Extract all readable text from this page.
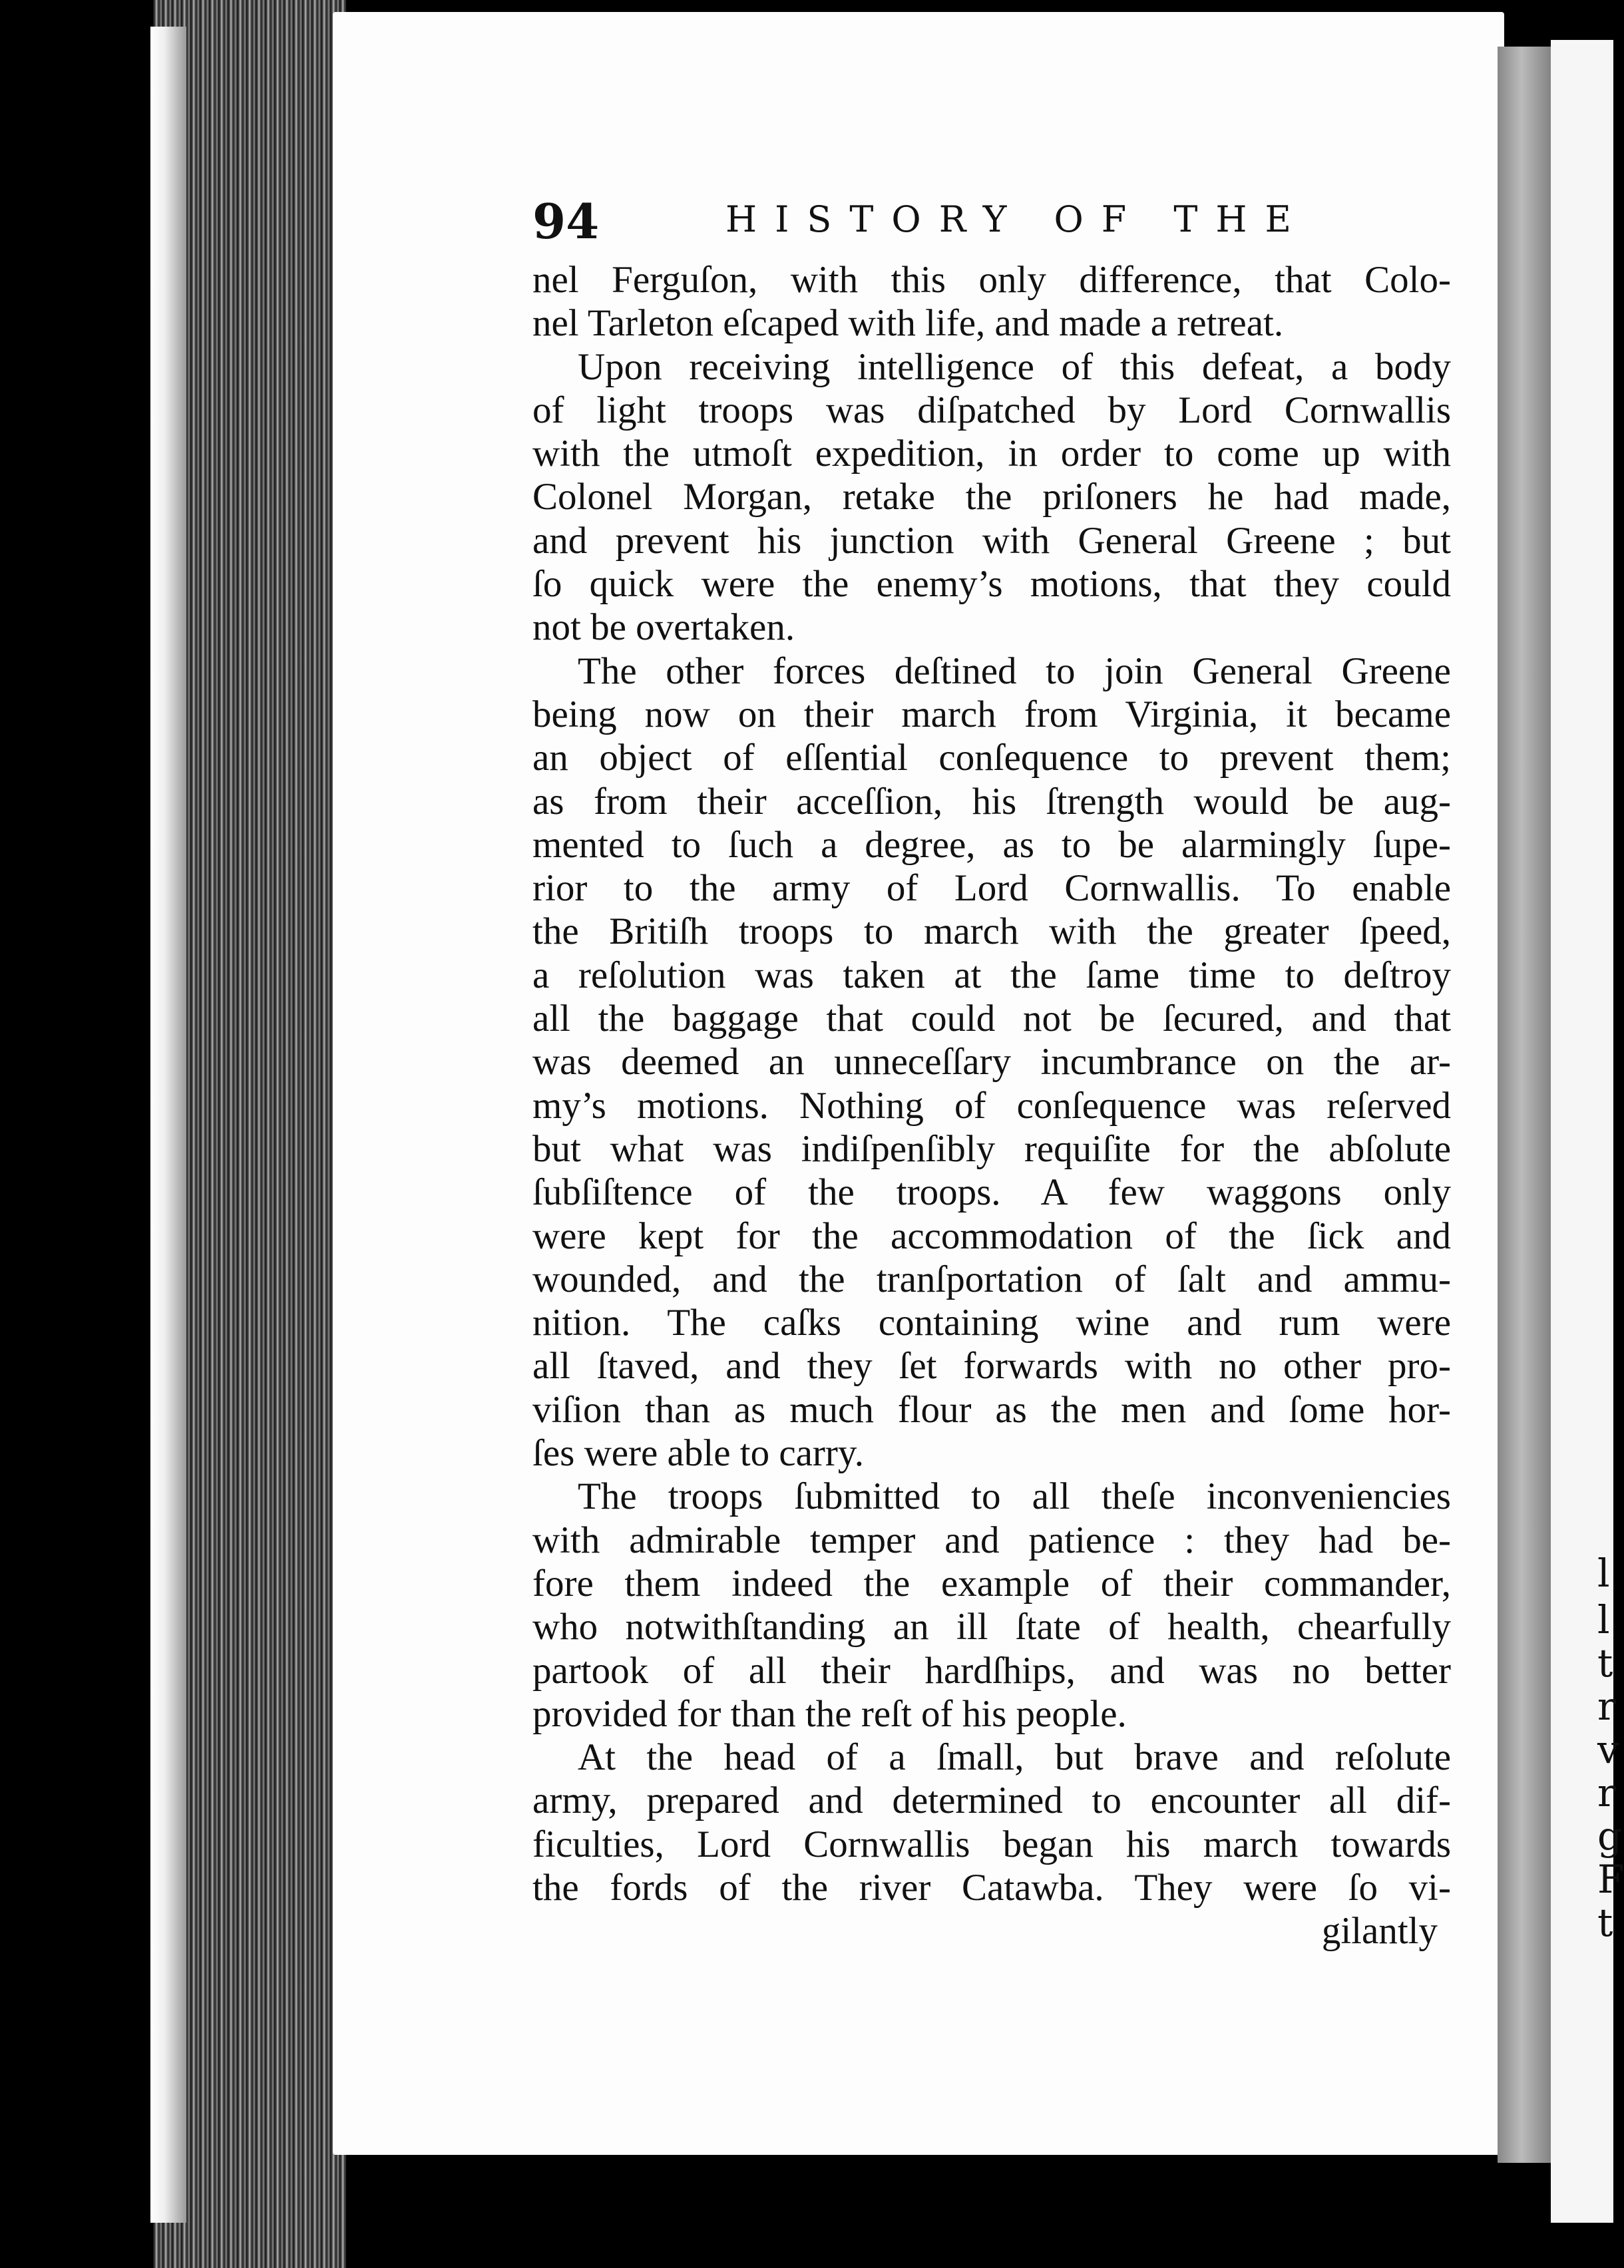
l
l
t
r
v
r
g
F
t
94	HISTORY OF THE
nel Ferguſon, with this only difference, that Colo-
nel Tarleton eſcaped with life, and made a retreat.
Upon receiving intelligence of this defeat, a body
of light troops was diſpatched by Lord Cornwallis
with the utmoſt expedition, in order to come up with
Colonel Morgan, retake the priſoners he had made,
and prevent his junction with General Greene ; but
ſo quick were the enemy’s motions, that they could
not be overtaken.
The other forces deſtined to join General Greene
being now on their march from Virginia, it became
an object of eſſential conſequence to prevent them;
as from their acceſſion, his ſtrength would be aug-
mented to ſuch a degree, as to be alarmingly ſupe-
rior to the army of Lord Cornwallis. To enable
the Britiſh troops to march with the greater ſpeed,
a reſolution was taken at the ſame time to deſtroy
all the baggage that could not be ſecured, and that
was deemed an unneceſſary incumbrance on the ar-
my’s motions. Nothing of conſequence was reſerved
but what was indiſpenſibly requiſite for the abſolute
ſubſiſtence of the troops. A few waggons only
were kept for the accommodation of the ſick and
wounded, and the tranſportation of ſalt and ammu-
nition. The caſks containing wine and rum were
all ſtaved, and they ſet forwards with no other pro-
viſion than as much flour as the men and ſome hor-
ſes were able to carry.
The troops ſubmitted to all theſe inconveniencies
with admirable temper and patience : they had be-
fore them indeed the example of their commander,
who notwithſtanding an ill ſtate of health, chearfully
partook of all their hardſhips, and was no better
provided for than the reſt of his people.
At the head of a ſmall, but brave and reſolute
army, prepared and determined to encounter all dif-
ficulties, Lord Cornwallis began his march towards
the fords of the river Catawba. They were ſo vi-
gilantly
